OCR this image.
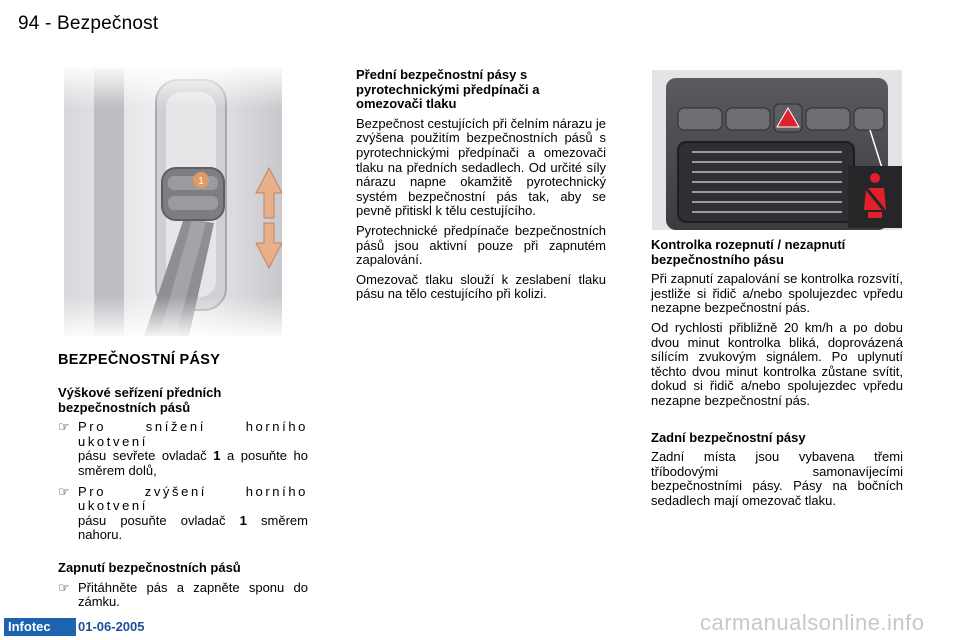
94 - Bezpečnost
BEZPEČNOSTNÍ PÁSY

Výškové seřízení předních bezpečnostních pásů

☞ Pro snížení horního ukotvení
pásu sevřete ovladač 1 a posuňte ho směrem dolů,
☞ Pro zvýšení horního ukotvení
pásu posuňte ovladač 1 směrem nahoru.

Zapnutí bezpečnostních pásů

☞ Přitáhněte pás a zapněte sponu do zámku.

Přední bezpečnostní pásy s pyrotechnickými předpínači a omezovači tlaku

Bezpečnost cestujících při čelním nárazu je zvýšena použitím bezpečnostních pásů s pyrotechnickými předpínači a omezovači tlaku na předních sedadlech. Od určité síly nárazu napne okamžitě pyrotechnický systém bezpečnostní pás tak, aby se pevně přitiskl k tělu cestujícího.

Pyrotechnické předpínače bezpečnostních pásů jsou aktivní pouze při zapnutém zapalování.

Omezovač tlaku slouží k zeslabení tlaku pásu na tělo cestujícího při kolizi.

Kontrolka rozepnutí / nezapnutí bezpečnostního pásu

Při zapnutí zapalování se kontrolka rozsvítí, jestliže si řidič a/nebo spolujezdec vpředu nezapne bezpečnostní pás.

Od rychlosti přibližně 20 km/h a po dobu dvou minut kontrolka bliká, doprovázená sílícím zvukovým signálem. Po uplynutí těchto dvou minut kontrolka zůstane svítit, dokud si řidič a/nebo spolujezdec vpředu nezapne bezpečnostní pás.

Zadní bezpečnostní pásy

Zadní místa jsou vybavena třemi tříbodovými samonavíjecími bezpečnostními pásy. Pásy na bočních sedadlech mají omezovač tlaku.

Infotec	01-06-2005	carmanualsonline.info
